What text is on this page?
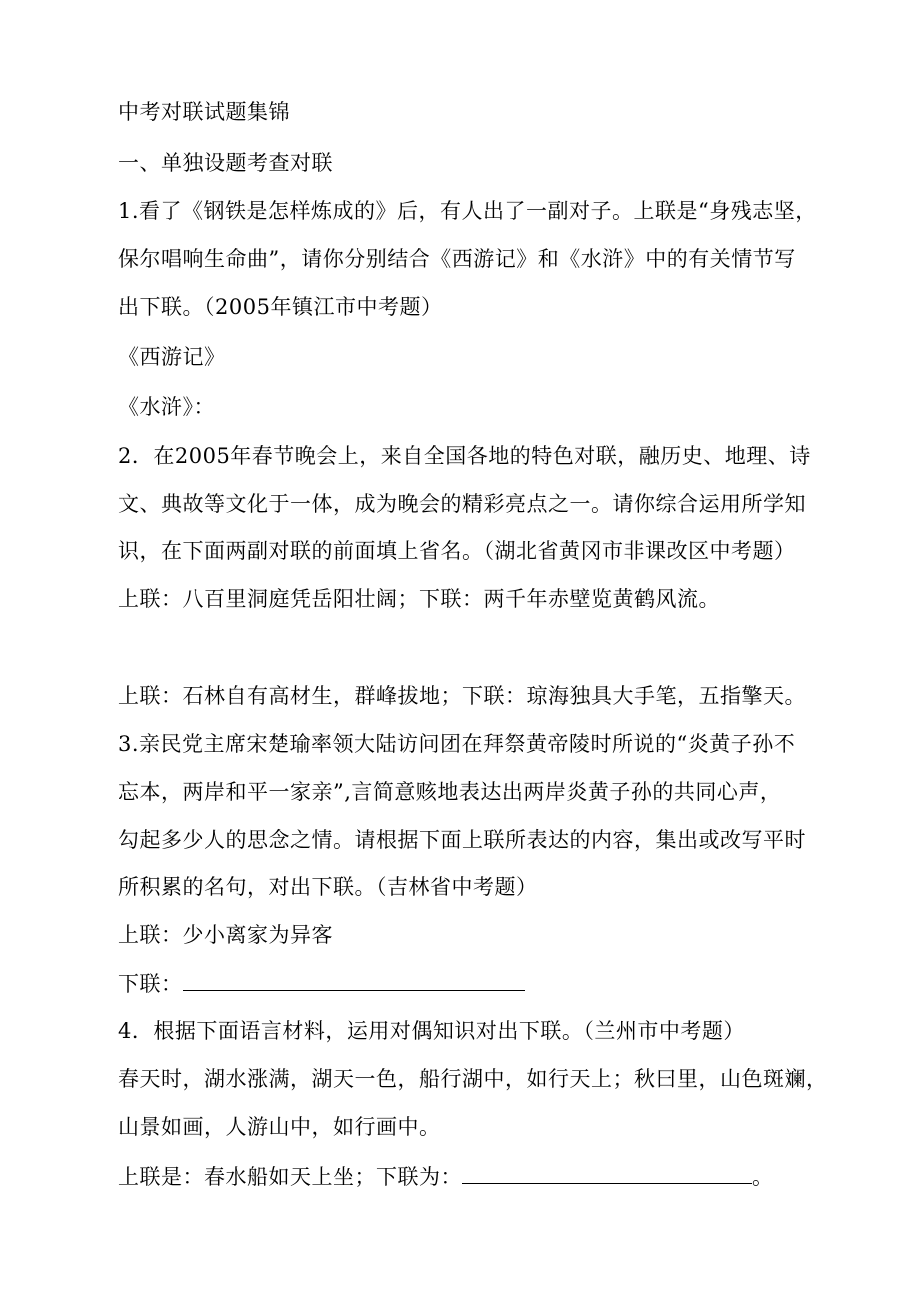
中考对联试题集锦
一、单独设题考查对联
1.看了《钢铁是怎样炼成的》后，有人出了一副对子。上联是“身残志坚，
保尔唱响生命曲”，请你分别结合《西游记》和《水浒》中的有关情节写
出下联。（2005年镇江市中考题）
《西游记》
《水浒》：
2．在2005年春节晚会上，来自全国各地的特色对联，融历史、地理、诗
文、典故等文化于一体，成为晚会的精彩亮点之一。请你综合运用所学知
识，在下面两副对联的前面填上省名。（湖北省黄冈市非课改区中考题）
上联：八百里洞庭凭岳阳壮阔；下联：两千年赤壁览黄鹤风流。
上联：石林自有高材生，群峰拔地；下联：琼海独具大手笔，五指擎天。
3.亲民党主席宋楚瑜率领大陆访问团在拜祭黄帝陵时所说的“炎黄子孙不
忘本，两岸和平一家亲”,言简意赅地表达出两岸炎黄子孙的共同心声，
勾起多少人的思念之情。请根据下面上联所表达的内容，集出或改写平时
所积累的名句，对出下联。（吉林省中考题）
上联：少小离家为异客
下联：
4．根据下面语言材料，运用对偶知识对出下联。（兰州市中考题）
春天时，湖水涨满，湖天一色，船行湖中，如行天上；秋曰里，山色斑斓，
山景如画，人游山中，如行画中。
上联是：春水船如天上坐；下联为：	。
